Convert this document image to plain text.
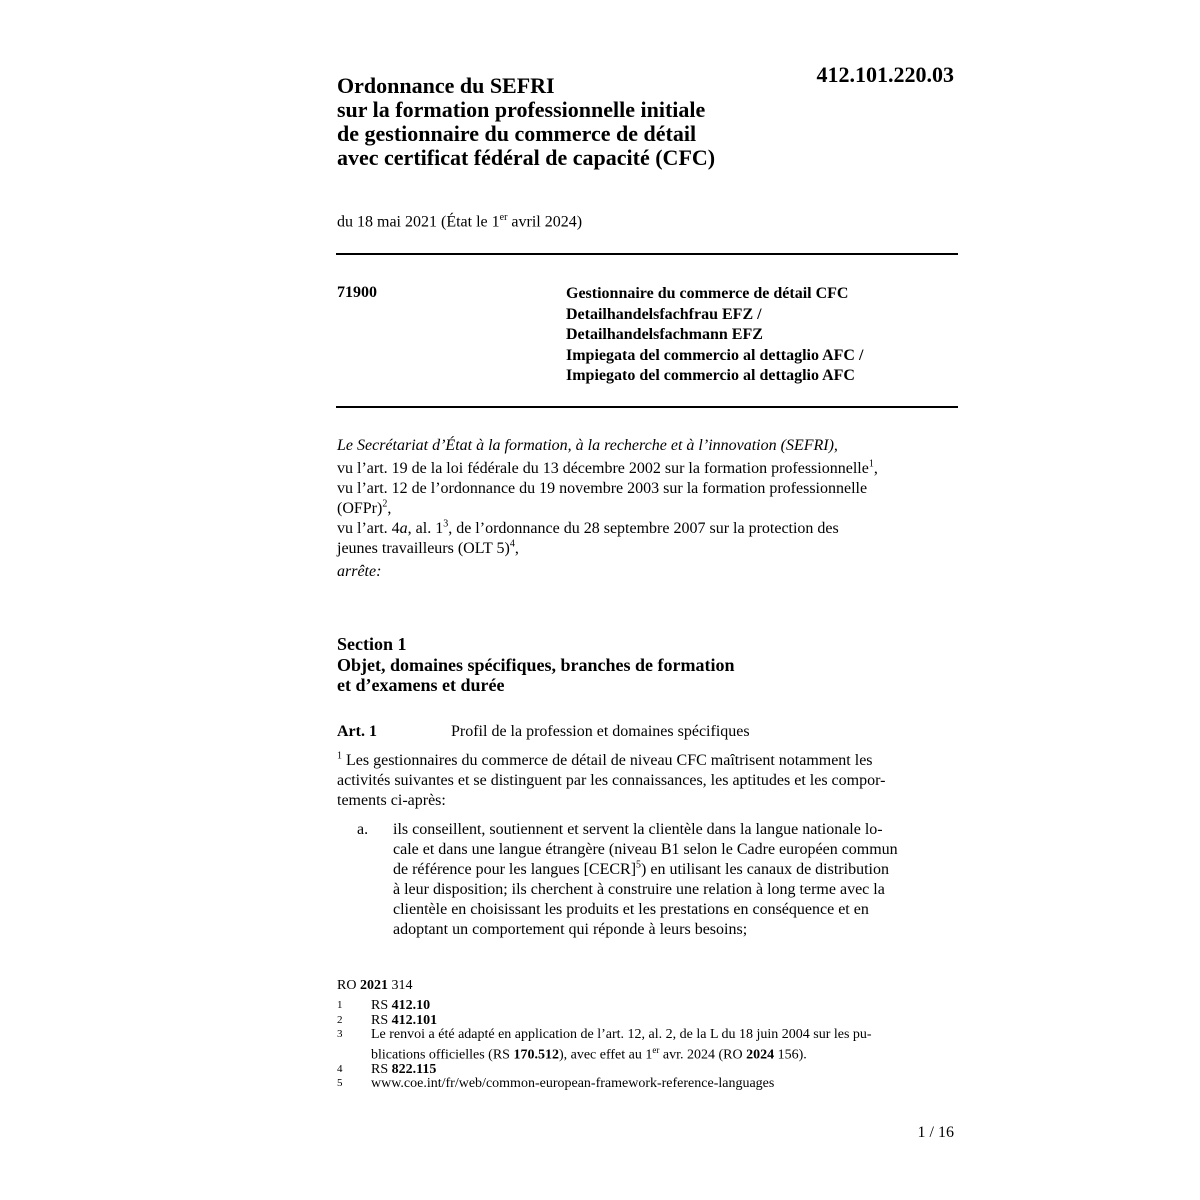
412.101.220.03
Ordonnance du SEFRI
sur la formation professionnelle initiale
de gestionnaire du commerce de détail
avec certificat fédéral de capacité (CFC)
du 18 mai 2021 (État le 1er avril 2024)
71900	Gestionnaire du commerce de détail CFC
Detailhandelsfachfrau EFZ /
Detailhandelsfachmann EFZ
Impiegata del commercio al dettaglio AFC /
Impiegato del commercio al dettaglio AFC
Le Secrétariat d’État à la formation, à la recherche et à l’innovation (SEFRI),
vu l’art. 19 de la loi fédérale du 13 décembre 2002 sur la formation professionnelle$^1$,
vu l’art. 12 de l’ordonnance du 19 novembre 2003 sur la formation professionnelle
(OFPr)$^2$,
vu l’art. 4a, al. 1$^3$, de l’ordonnance du 28 septembre 2007 sur la protection des
jeunes travailleurs (OLT 5)$^4$,
arrête:
Section 1
Objet, domaines spécifiques, branches de formation
et d’examens et durée
Art. 1	Profil de la profession et domaines spécifiques
$^1$ Les gestionnaires du commerce de détail de niveau CFC maîtrisent notamment les
activités suivantes et se distinguent par les connaissances, les aptitudes et les compor-
tements ci-après:
a. ils conseillent, soutiennent et servent la clientèle dans la langue nationale lo-
cale et dans une langue étrangère (niveau B1 selon le Cadre européen commun
de référence pour les langues [CECR]$^5$) en utilisant les canaux de distribution
à leur disposition; ils cherchent à construire une relation à long terme avec la
clientèle en choisissant les produits et les prestations en conséquence et en
adoptant un comportement qui réponde à leurs besoins;
RO 2021 314
1 RS 412.10
2 RS 412.101
3 Le renvoi a été adapté en application de l’art. 12, al. 2, de la L du 18 juin 2004 sur les pu-
blications officielles (RS 170.512), avec effet au 1er avr. 2024 (RO 2024 156).
4 RS 822.115
5 www.coe.int/fr/web/common-european-framework-reference-languages
1 / 16
